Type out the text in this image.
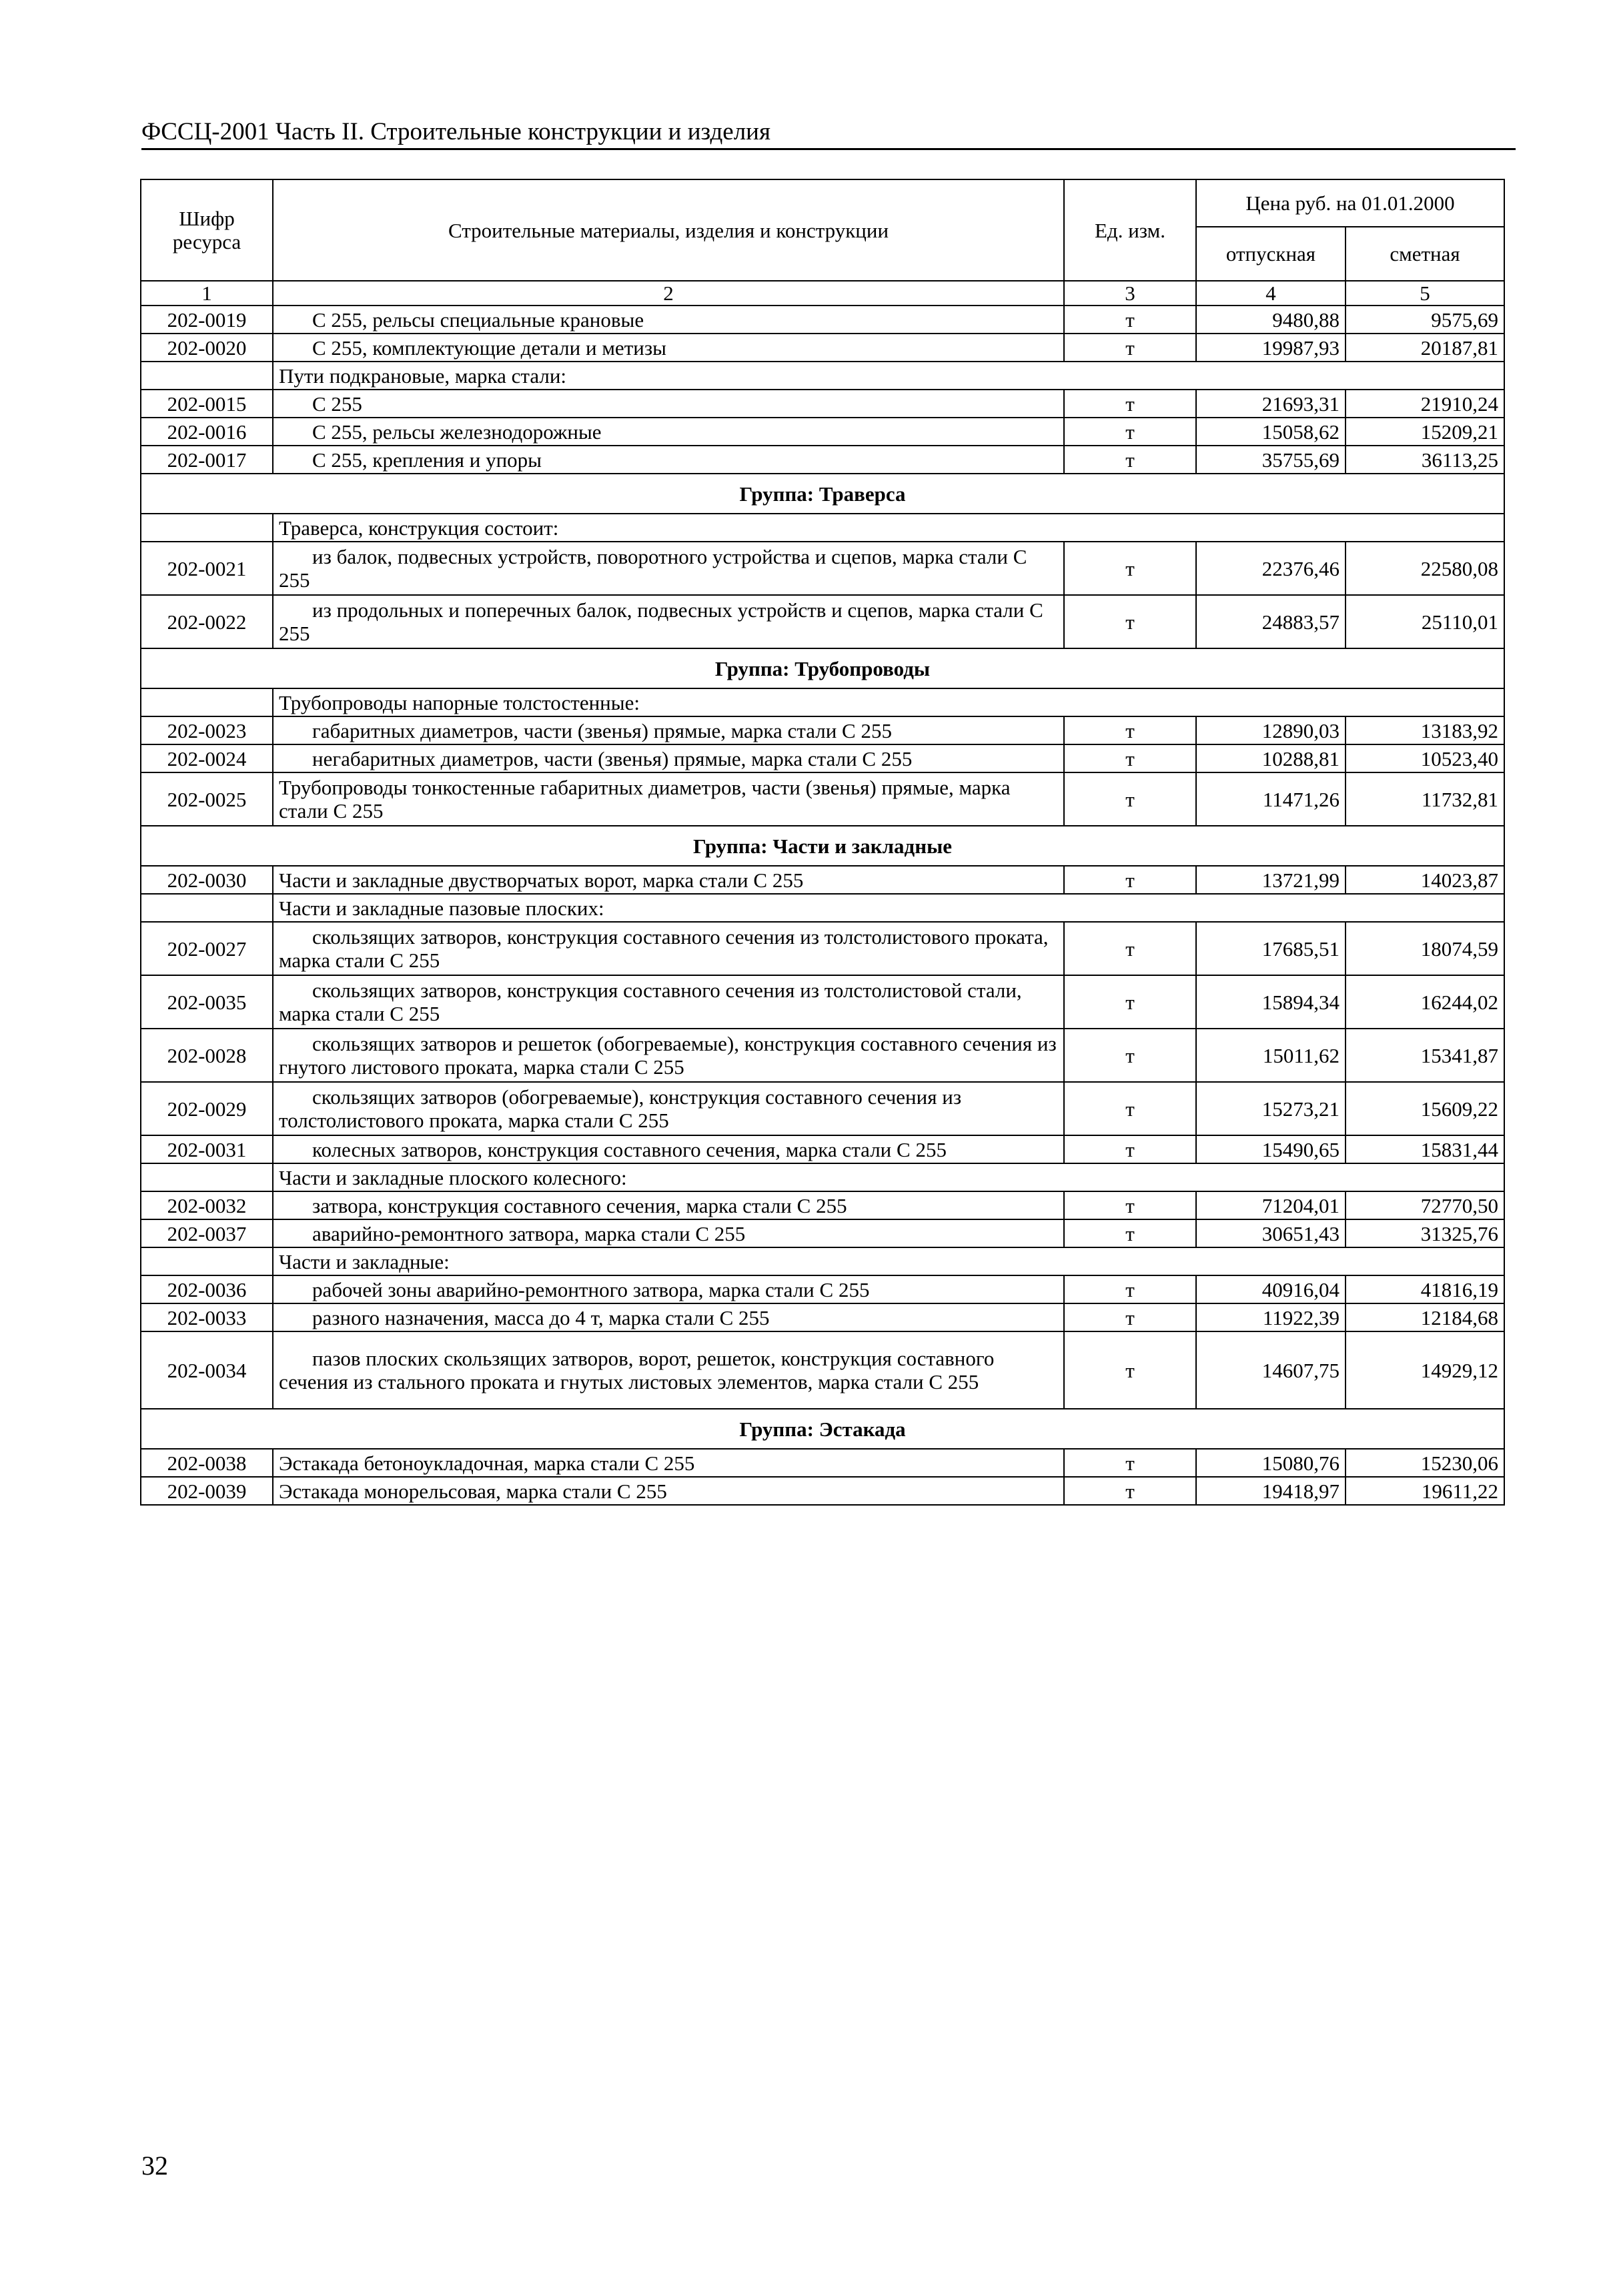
ФССЦ-2001 Часть II. Строительные конструкции и изделия
Шифр ресурса	Строительные материалы, изделия и конструкции	Ед. изм.	Цена руб. на 01.01.2000	
			отпускная	сметная
1	2	3	4	5
202-0019	С 255, рельсы специальные крановые	т	9480,88	9575,69
202-0020	С 255, комплектующие детали и метизы	т	19987,93	20187,81
	Пути подкрановые, марка стали:			
202-0015	С 255	т	21693,31	21910,24
202-0016	С 255, рельсы железнодорожные	т	15058,62	15209,21
202-0017	С 255, крепления и упоры	т	35755,69	36113,25
Группа: Траверса				
	Траверса, конструкция состоит:			
202-0021	из балок, подвесных устройств, поворотного устройства и сцепов, марка стали С 255	т	22376,46	22580,08
202-0022	из продольных и поперечных балок, подвесных устройств и сцепов, марка стали С 255	т	24883,57	25110,01
Группа: Трубопроводы				
	Трубопроводы напорные толстостенные:			
202-0023	габаритных диаметров, части (звенья) прямые, марка стали С 255	т	12890,03	13183,92
202-0024	негабаритных диаметров, части (звенья) прямые, марка стали С 255	т	10288,81	10523,40
202-0025	Трубопроводы тонкостенные габаритных диаметров, части (звенья) прямые, марка стали С 255	т	11471,26	11732,81
Группа: Части и закладные				
202-0030	Части и закладные двустворчатых ворот, марка стали С 255	т	13721,99	14023,87
	Части и закладные пазовые плоских:			
202-0027	скользящих затворов, конструкция составного сечения из толстолистового проката, марка стали С 255	т	17685,51	18074,59
202-0035	скользящих затворов, конструкция составного сечения из толстолистовой стали, марка стали С 255	т	15894,34	16244,02
202-0028	скользящих затворов и решеток (обогреваемые), конструкция составного сечения из гнутого листового проката, марка стали С 255	т	15011,62	15341,87
202-0029	скользящих затворов (обогреваемые), конструкция составного сечения из толстолистового проката, марка стали С 255	т	15273,21	15609,22
202-0031	колесных затворов, конструкция составного сечения, марка стали С 255	т	15490,65	15831,44
	Части и закладные плоского колесного:			
202-0032	затвора, конструкция составного сечения, марка стали С 255	т	71204,01	72770,50
202-0037	аварийно-ремонтного затвора, марка стали С 255	т	30651,43	31325,76
	Части и закладные:			
202-0036	рабочей зоны аварийно-ремонтного затвора, марка стали С 255	т	40916,04	41816,19
202-0033	разного назначения, масса до 4 т, марка стали С 255	т	11922,39	12184,68
202-0034	пазов плоских скользящих затворов, ворот, решеток, конструкция составного сечения из стального проката и гнутых листовых элементов, марка стали С 255	т	14607,75	14929,12
Группа: Эстакада				
202-0038	Эстакада бетоноукладочная, марка стали С 255	т	15080,76	15230,06
202-0039	Эстакада монорельсовая, марка стали С 255	т	19418,97	19611,22
32
